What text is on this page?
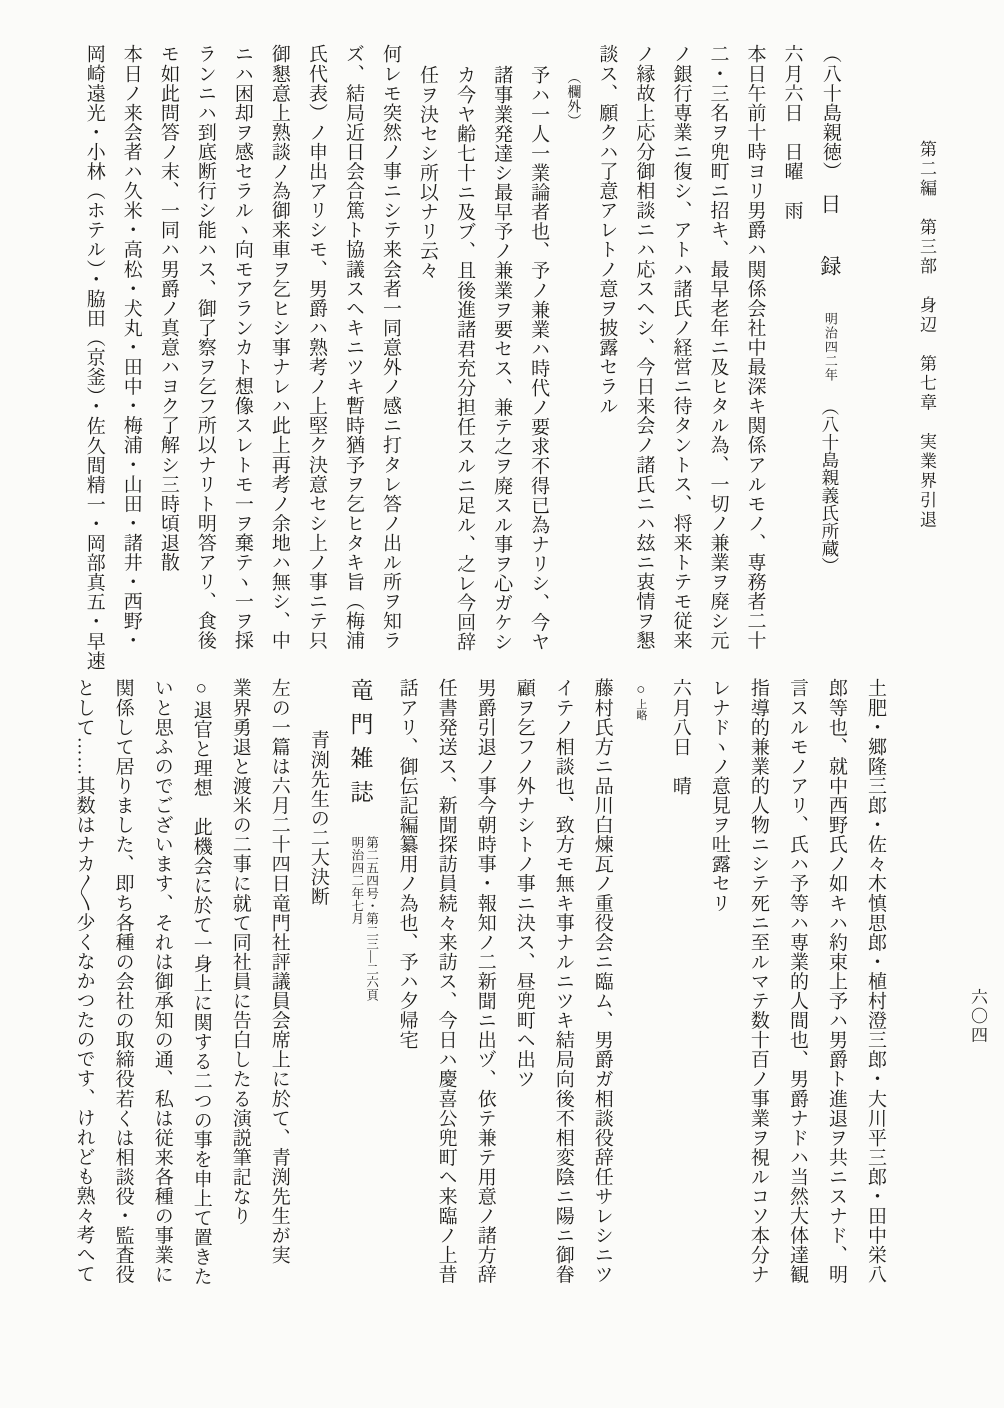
第二編　第三部　身辺　第七章　実業界引退
（八十島親徳）日　録明治四二年（八十島親義氏所蔵）
六月六日　日曜　雨
本日午前十時ヨリ男爵ハ関係会社中最深キ関係アルモノ、専務者二十
二・三名ヲ兜町ニ招キ、最早老年ニ及ヒタル為、一切ノ兼業ヲ廃シ元
ノ銀行専業ニ復シ、アトハ諸氏ノ経営ニ待タントス、将来トテモ従来
ノ縁故上応分御相談ニハ応スヘシ、今日来会ノ諸氏ニハ玆ニ衷情ヲ懇
談ス、願クハ了意アレトノ意ヲ披露セラル
（欄外）
予ハ一人一業論者也、予ノ兼業ハ時代ノ要求不得已為ナリシ、今ヤ
諸事業発達シ最早予ノ兼業ヲ要セス、兼テ之ヲ廃スル事ヲ心ガケシ
カ今ヤ齢七十ニ及ブ、且後進諸君充分担任スルニ足ル、之レ今回辞
任ヲ決セシ所以ナリ云々
何レモ突然ノ事ニシテ来会者一同意外ノ感ニ打タレ答ノ出ル所ヲ知ラ
ズ、結局近日会合篤ト協議スヘキニツキ暫時猶予ヲ乞ヒタキ旨（梅浦
氏代表）ノ申出アリシモ、男爵ハ熟考ノ上堅ク決意セシ上ノ事ニテ只
御懇意上熟談ノ為御来車ヲ乞ヒシ事ナレハ此上再考ノ余地ハ無シ、中
ニハ困却ヲ感セラルヽ向モアランカト想像スレトモ一ヲ棄テヽ一ヲ採
ランニハ到底断行シ能ハス、御了察ヲ乞フ所以ナリト明答アリ、食後
モ如此問答ノ末、一同ハ男爵ノ真意ハヨク了解シ三時頃退散
本日ノ来会者ハ久米・高松・犬丸・田中・梅浦・山田・諸井・西野・
岡崎遠光・小林（ホテル）・脇田（京釜）・佐久間精一・岡部真五・早速
土肥・郷隆三郎・佐々木慎思郎・植村澄三郎・大川平三郎・田中栄八
郎等也、就中西野氏ノ如キハ約束上予ハ男爵ト進退ヲ共ニスナド、明
言スルモノアリ、氏ハ予等ハ専業的人間也、男爵ナドハ当然大体達観
指導的兼業的人物ニシテ死ニ至ルマテ数十百ノ事業ヲ視ルコソ本分ナ
レナドヽノ意見ヲ吐露セリ
六月八日　晴
○上略
藤村氏方ニ品川白煉瓦ノ重役会ニ臨ム、男爵ガ相談役辞任サレシニツ
イテノ相談也、致方モ無キ事ナルニツキ結局向後不相変陰ニ陽ニ御眷
顧ヲ乞フノ外ナシトノ事ニ決ス、昼兜町ヘ出ツ
男爵引退ノ事今朝時事・報知ノ二新聞ニ出ヅ、依テ兼テ用意ノ諸方辞
任書発送ス、新聞探訪員続々来訪ス、今日ハ慶喜公兜町ヘ来臨ノ上昔
話アリ、御伝記編纂用ノ為也、予ハ夕帰宅
竜門雑誌
第二五四号・第二三―二六頁
明治四二年七月
青渕先生の二大決断
左の一篇は六月二十四日竜門社評議員会席上に於て、青渕先生が実
業界勇退と渡米の二事に就て同社員に告白したる演説筆記なり
○退官と理想　此機会に於て一身上に関する二つの事を申上て置きた
いと思ふのでございます、それは御承知の通、私は従来各種の事業に
関係して居りました、即ち各種の会社の取締役若くは相談役・監査役
として……其数はナカ〳〵少くなかつたのです、けれども熟々考へて	六〇四
